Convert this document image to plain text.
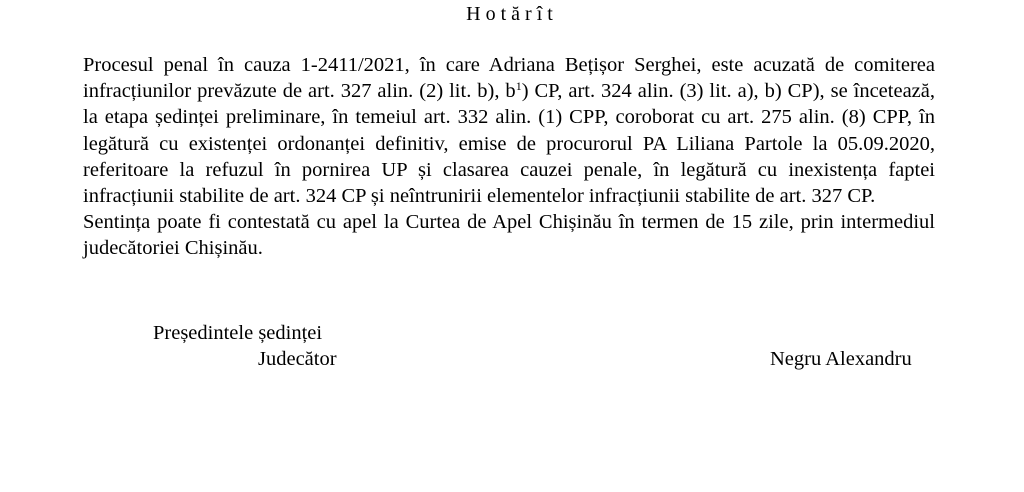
Hotărît

Procesul penal în cauza 1-2411/2021, în care Adriana Bețișor Serghei, este acuzată de comiterea infracțiunilor prevăzute de art. 327 alin. (2) lit. b), $b^1$) CP, art. 324 alin. (3) lit. a), b) CP), se încetează, la etapa ședinței preliminare, în temeiul art. 332 alin. (1) CPP, coroborat cu art. 275 alin. (8) CPP, în legătură cu existenței ordonanței definitiv, emise de procurorul PA Liliana Partole la 05.09.2020, referitoare la refuzul în pornirea UP și clasarea cauzei penale, în legătură cu inexistența faptei infracțiunii stabilite de art. 324 CP și neîntrunirii elementelor infracțiunii stabilite de art. 327 CP.

Sentința poate fi contestată cu apel la Curtea de Apel Chișinău în termen de 15 zile, prin intermediul judecătoriei Chișinău.

Președintele ședinței
Judecător	Negru Alexandru
